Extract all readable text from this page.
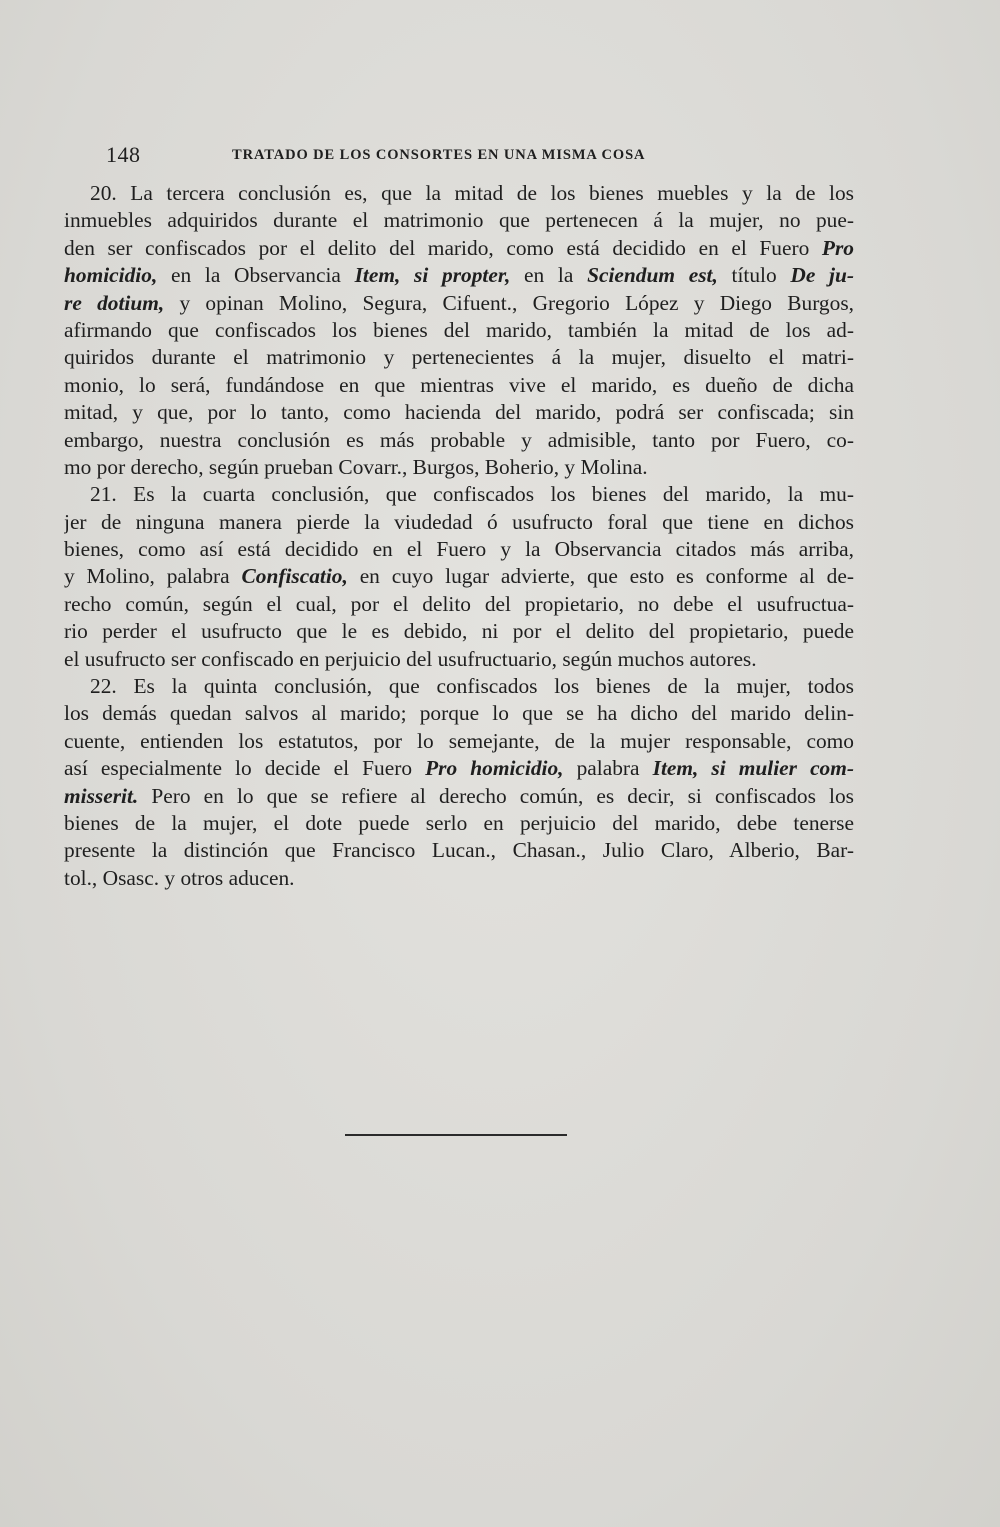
148	TRATADO DE LOS CONSORTES EN UNA MISMA COSA
20. La tercera conclusión es, que la mitad de los bienes muebles y la de los
inmuebles adquiridos durante el matrimonio que pertenecen á la mujer, no pue-
den ser confiscados por el delito del marido, como está decidido en el Fuero Pro
homicidio, en la Observancia Item, si propter, en la Sciendum est, título De ju-
re dotium, y opinan Molino, Segura, Cifuent., Gregorio López y Diego Burgos,
afirmando que confiscados los bienes del marido, también la mitad de los ad-
quiridos durante el matrimonio y pertenecientes á la mujer, disuelto el matri-
monio, lo será, fundándose en que mientras vive el marido, es dueño de dicha
mitad, y que, por lo tanto, como hacienda del marido, podrá ser confiscada; sin
embargo, nuestra conclusión es más probable y admisible, tanto por Fuero, co-
mo por derecho, según prueban Covarr., Burgos, Boherio, y Molina.
21. Es la cuarta conclusión, que confiscados los bienes del marido, la mu-
jer de ninguna manera pierde la viudedad ó usufructo foral que tiene en dichos
bienes, como así está decidido en el Fuero y la Observancia citados más arriba,
y Molino, palabra Confiscatio, en cuyo lugar advierte, que esto es conforme al de-
recho común, según el cual, por el delito del propietario, no debe el usufructua-
rio perder el usufructo que le es debido, ni por el delito del propietario, puede
el usufructo ser confiscado en perjuicio del usufructuario, según muchos autores.
22. Es la quinta conclusión, que confiscados los bienes de la mujer, todos
los demás quedan salvos al marido; porque lo que se ha dicho del marido delin-
cuente, entienden los estatutos, por lo semejante, de la mujer responsable, como
así especialmente lo decide el Fuero Pro homicidio, palabra Item, si mulier com-
misserit. Pero en lo que se refiere al derecho común, es decir, si confiscados los
bienes de la mujer, el dote puede serlo en perjuicio del marido, debe tenerse
presente la distinción que Francisco Lucan., Chasan., Julio Claro, Alberio, Bar-
tol., Osasc. y otros aducen.
